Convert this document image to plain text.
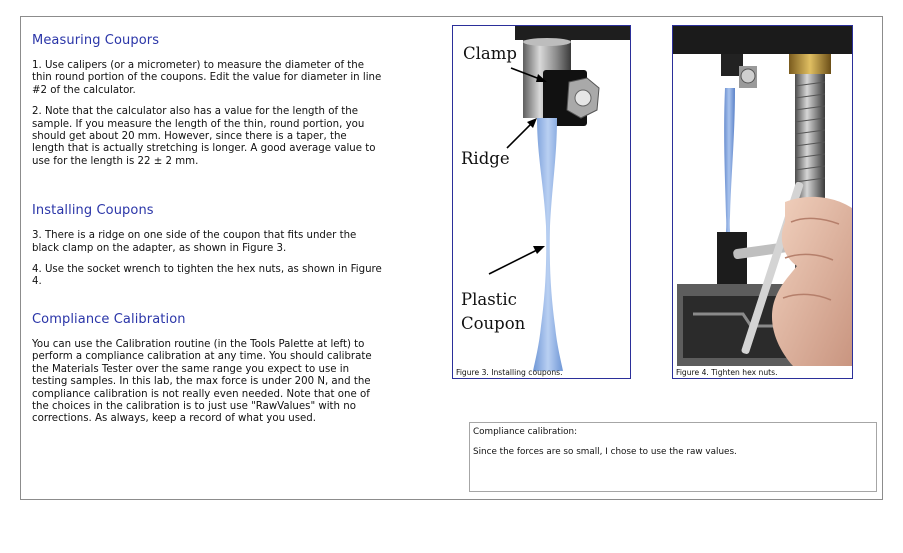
Measuring Coupors

1. Use calipers (or a micrometer) to measure the diameter of the thin round portion of the coupons. Edit the value for diameter in line #2 of the calculator.

2. Note that the calculator also has a value for the length of the sample. If you measure the length of the thin, round portion, you should get about 20 mm. However, since there is a taper, the length that is actually stretching is longer. A good average value to use for the length is 22 ± 2 mm.

Installing Coupons

3. There is a ridge on one side of the coupon that fits under the black clamp on the adapter, as shown in Figure 3.

4. Use the socket wrench to tighten the hex nuts, as shown in Figure 4.

Compliance Calibration

You can use the Calibration routine (in the Tools Palette at left) to perform a compliance calibration at any time. You should calibrate the Materials Tester over the same range you expect to use in testing samples. In this lab, the max force is under 200 N, and the compliance calibration is not really even needed. Note that one of the choices in the calibration is to just use "RawValues" with no corrections. As always, keep a record of what you used.

Clamp
Ridge
Plastic
Coupon
Figure 3. Installing coupons.	Figure 4. Tighten hex nuts.

Compliance calibration:

Since the forces are so small, I chose to use the raw values.
